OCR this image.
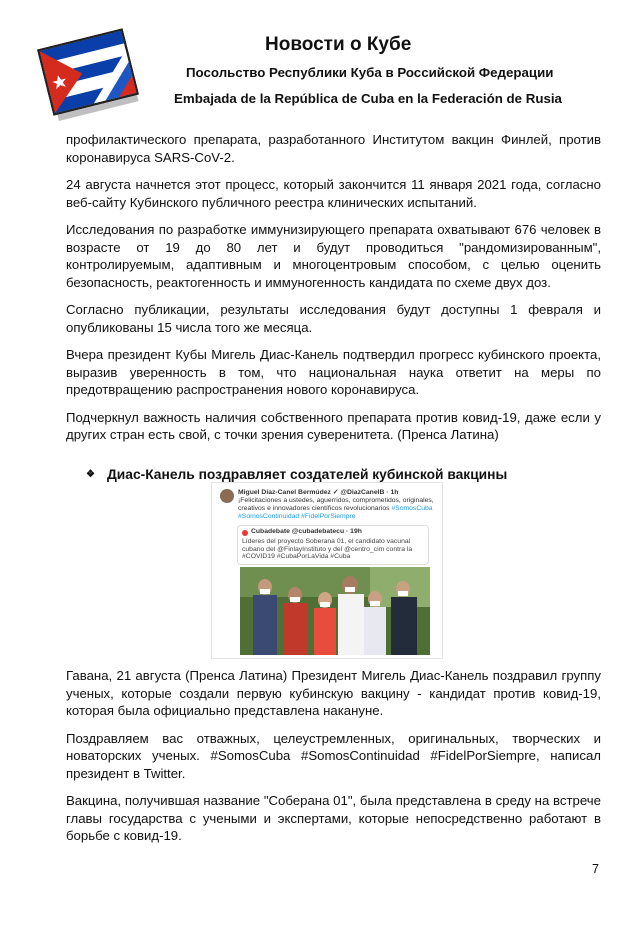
Новости о Кубе
Посольство Республики Куба в Российской Федерации
Embajada de la República de Cuba en la Federación de Rusia

профилактического препарата, разработанного Институтом вакцин Финлей, против коронавируса SARS-CoV-2.

24 августа начнется этот процесс, который закончится 11 января 2021 года, согласно веб-сайту Кубинского публичного реестра клинических испытаний.

Исследования по разработке иммунизирующего препарата охватывают 676 человек в возрасте от 19 до 80 лет и будут проводиться "рандомизированным", контролируемым, адаптивным и многоцентровым способом, с целью оценить безопасность, реактогенность и иммуногенность кандидата по схеме двух доз.

Согласно публикации, результаты исследования будут доступны 1 февраля и опубликованы 15 числа того же месяца.

Вчера президент Кубы Мигель Диас-Канель подтвердил прогресс кубинского проекта, выразив уверенность в том, что национальная наука ответит на меры по предотвращению распространения нового коронавируса.

Подчеркнул важность наличия собственного препарата против ковид-19, даже если у других стран есть свой, с точки зрения суверенитета. (Пренса Латина)

❖ Диас-Канель поздравляет создателей кубинской вакцины
Miguel Díaz-Canel Bermúdez ✓ @DiazCanelB · 1h
¡Felicitaciones a ustedes, aguerridos, comprometidos, originales, creativos e innovadores científicos revolucionarios #SomosCuba #SomosContinuidad #FidelPorSiempre
Cubadebate @cubadebatecu · 19h
Líderes del proyecto Soberana 01, el candidato vacunal cubano del @FinlayInstituto y del @centro_cim contra la #COVID19 #CubaPorLaVida #Cuba

Гавана, 21 августа (Пренса Латина) Президент Мигель Диас-Канель поздравил группу ученых, которые создали первую кубинскую вакцину - кандидат против ковид-19, которая была официально представлена накануне.

Поздравляем вас отважных, целеустремленных, оригинальных, творческих и новаторских ученых. #SomosCuba #SomosContinuidad #FidelPorSiempre, написал президент в Twitter.

Вакцина, получившая название "Соберана 01", была представлена в среду на встрече главы государства с учеными и экспертами, которые непосредственно работают в борьбе с ковид-19.

7
